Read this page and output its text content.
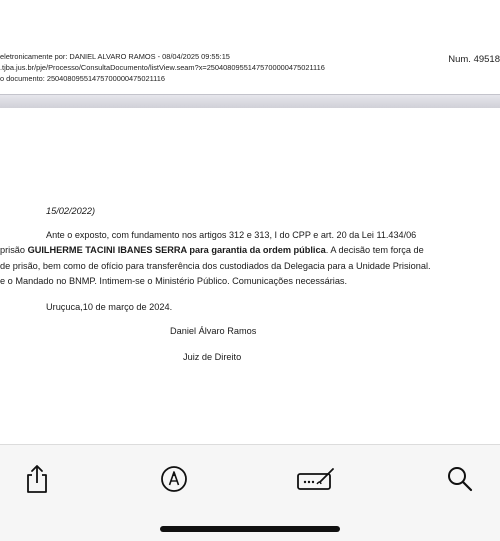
eletronicamente por: DANIEL ALVARO RAMOS - 08/04/2025 09:55:15
.tjba.jus.br/pje/Processo/ConsultaDocumento/listView.seam?x=25040809551475700000475021116
o documento: 25040809551475700000475021116
Num. 49518
15/02/2022)
Ante o exposto, com fundamento nos artigos 312 e 313, I do CPP e art. 20 da Lei 11.434/06
prisão GUILHERME TACINI IBANES SERRA para garantia da ordem pública. A decisão tem força de
de prisão, bem como de ofício para transferência dos custodiados da Delegacia para a Unidade Prisional.
e o Mandado no BNMP. Intimem-se o Ministério Público. Comunicações necessárias.
Uruçuca,10 de março de 2024.
Daniel Álvaro Ramos
Juiz de Direito
